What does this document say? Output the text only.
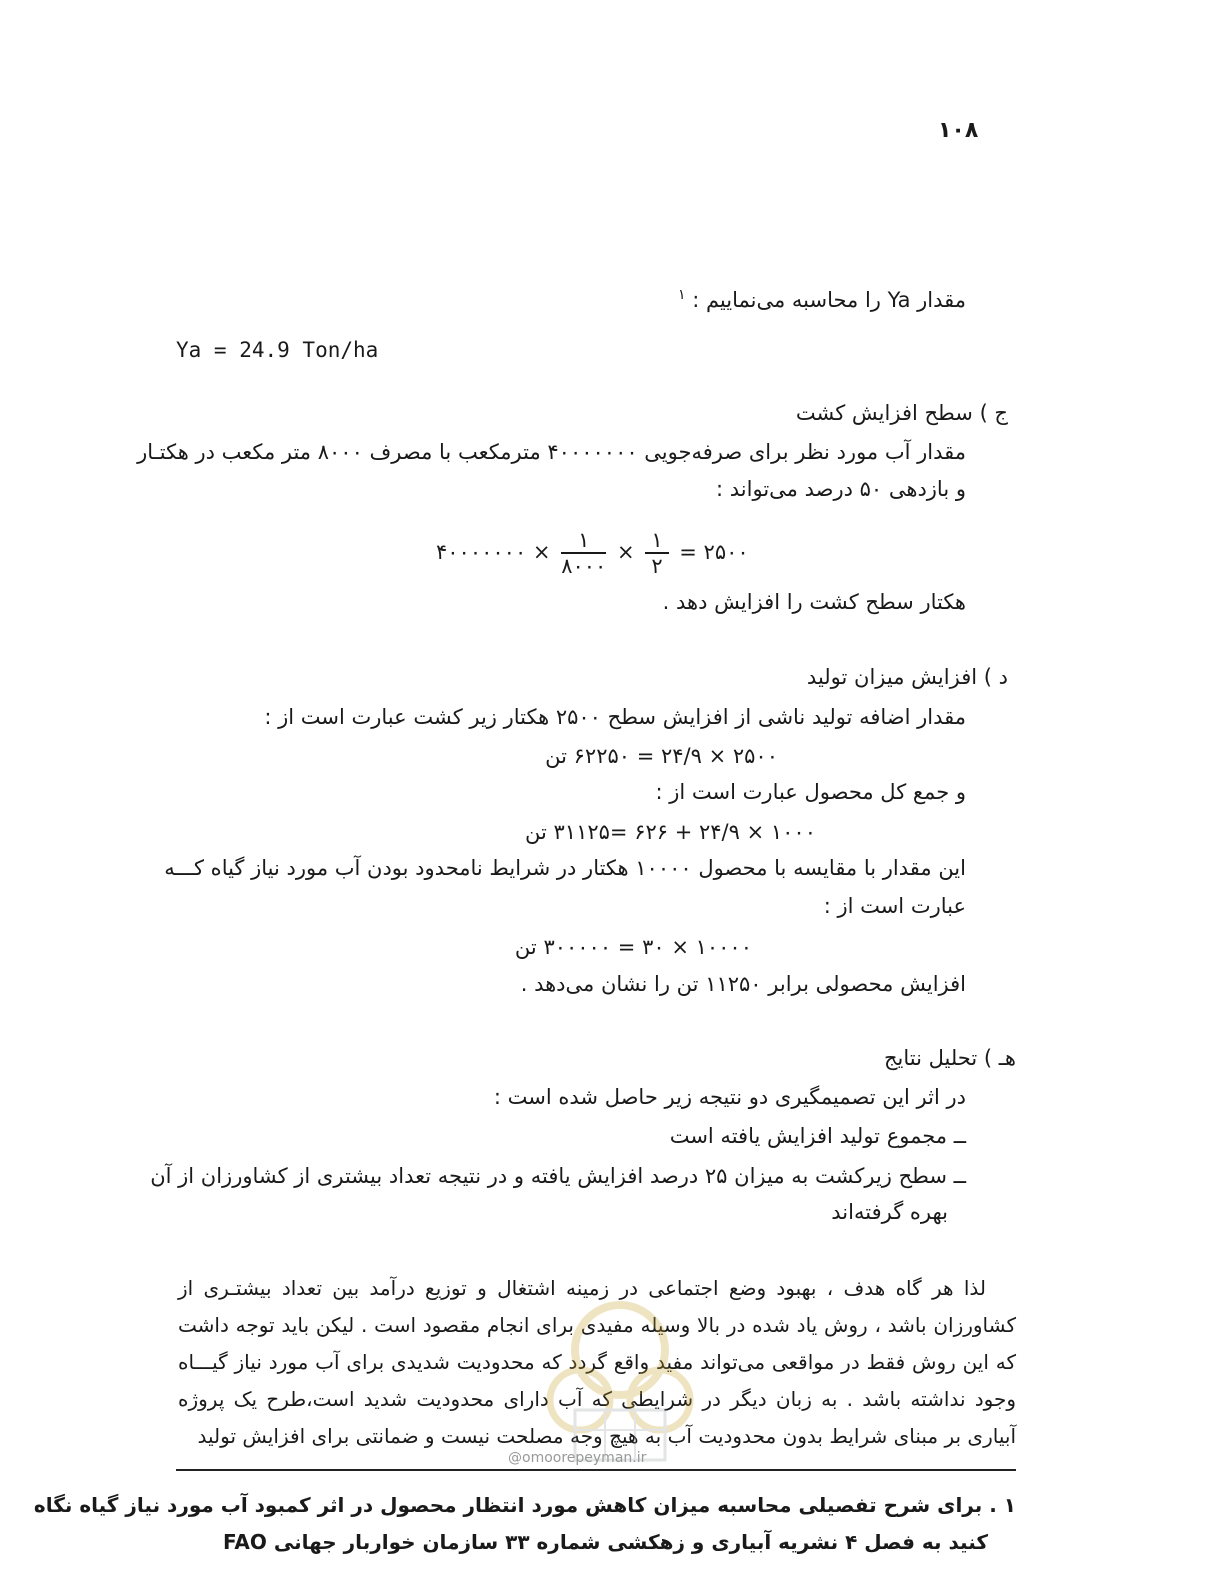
۱۰۸
مقدار Ya را محاسبه می‌نماییم : $^۱$
Ya = 24.9 Ton/ha
ج ) سطح افزایش کشت
مقدار آب مورد نظر برای صرفه‌جویی ۴۰۰۰۰۰۰۰ مترمکعب با مصرف ۸۰۰۰ متر مکعب در هکتـار
و بازدهی ۵۰ درصد می‌تواند :
۴۰۰۰۰۰۰۰ × $\frac{۱}{۸۰۰۰} \times \frac{۱}{۲}$ = ۲۵۰۰
هکتار سطح کشت را افزایش دهد .
د ) افزایش میزان تولید
مقدار اضافه تولید ناشی از افزایش سطح ۲۵۰۰ هکتار زیر کشت عبارت است از :
۲۵۰۰ × ۲۴/۹ = ۶۲۲۵۰ تن
و جمع کل محصول عبارت است از :
۱۰۰۰ × ۲۴/۹ + ۶۲۶ =۳۱۱۲۵ تن
این مقدار با مقایسه با محصول ۱۰۰۰۰ هکتار در شرایط نامحدود بودن آب مورد نیاز گیاه کـــه
عبارت است از :
۱۰۰۰۰ × ۳۰ = ۳۰۰۰۰۰ تن
افزایش محصولی برابر ۱۱۲۵۰ تن را نشان می‌دهد .
هـ ) تحلیل نتایج
در اثر این تصمیمگیری دو نتیجه زیر حاصل شده است :
ــ مجموع تولید افزایش یافته است
ــ سطح زیرکشت به میزان ۲۵ درصد افزایش یافته و در نتیجه تعداد بیشتری از کشاورزان از آن
بهره گرفته‌اند
لذا هر گاه هدف ، بهبود وضع اجتماعی در زمینه اشتغال و توزیع درآمد بین تعداد بیشتـری از کشاورزان باشد ، روش یاد شده در بالا وسیله مفیدی برای انجام مقصود است . لیکن باید توجه داشت که این روش فقط در مواقعی می‌تواند مفید واقع گردد که محدودیت شدیدی برای آب مورد نیاز گیـــاه وجود نداشته باشد . به زبان دیگر در شرایطی که آب دارای محدودیت شدید است،طرح یک پروژه آبیاری بر مبنای شرایط بدون محدودیت آب به هیچ وجه مصلحت نیست و ضمانتی برای افزایش تولید
@omoorepeyman.ir
۱ . برای شرح تفصیلی محاسبه میزان کاهش مورد انتظار محصول در اثر کمبود آب مورد نیاز گیاه نگاه
کنید به فصل ۴ نشریه آبیاری و زهکشی شماره ۳۳ سازمان خواربار جهانی FAO
